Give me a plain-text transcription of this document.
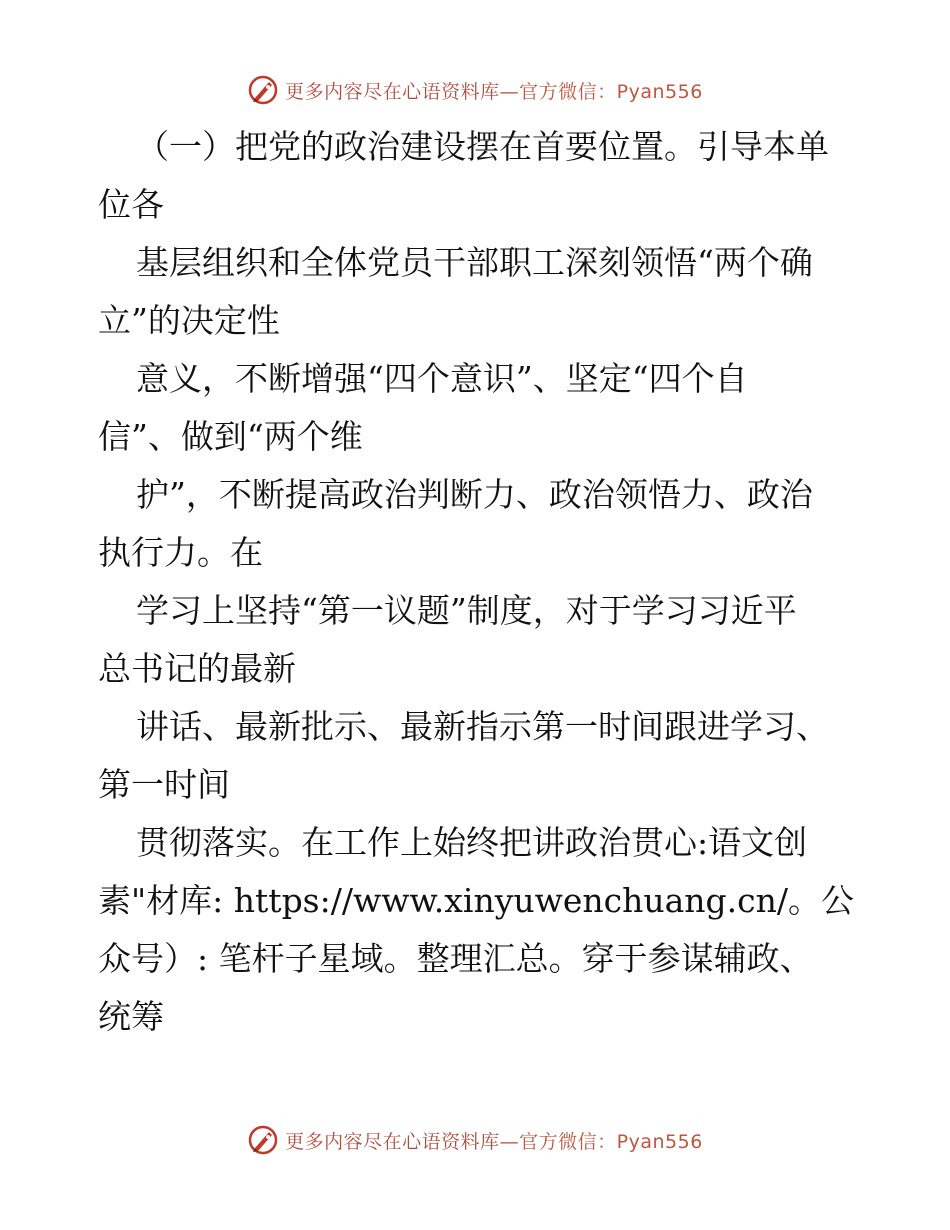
更多内容尽在心语资料库—官方微信：Pyan556
（一）把党的政治建设摆在首要位置。引导本单
位各
基层组织和全体党员干部职工深刻领悟“两个确
立”的决定性
意义，不断增强“四个意识”、坚定“四个自
信”、做到“两个维
护”，不断提高政治判断力、政治领悟力、政治
执行力。在
学习上坚持“第一议题”制度，对于学习习近平
总书记的最新
讲话、最新批示、最新指示第一时间跟进学习、
第一时间
贯彻落实。在工作上始终把讲政治贯心:语文创
素"材库: https://www.xinyuwenchuang.cn/。公
众号）: 笔杆子星域。整理汇总。穿于参谋辅政、
统筹
更多内容尽在心语资料库—官方微信：Pyan556
